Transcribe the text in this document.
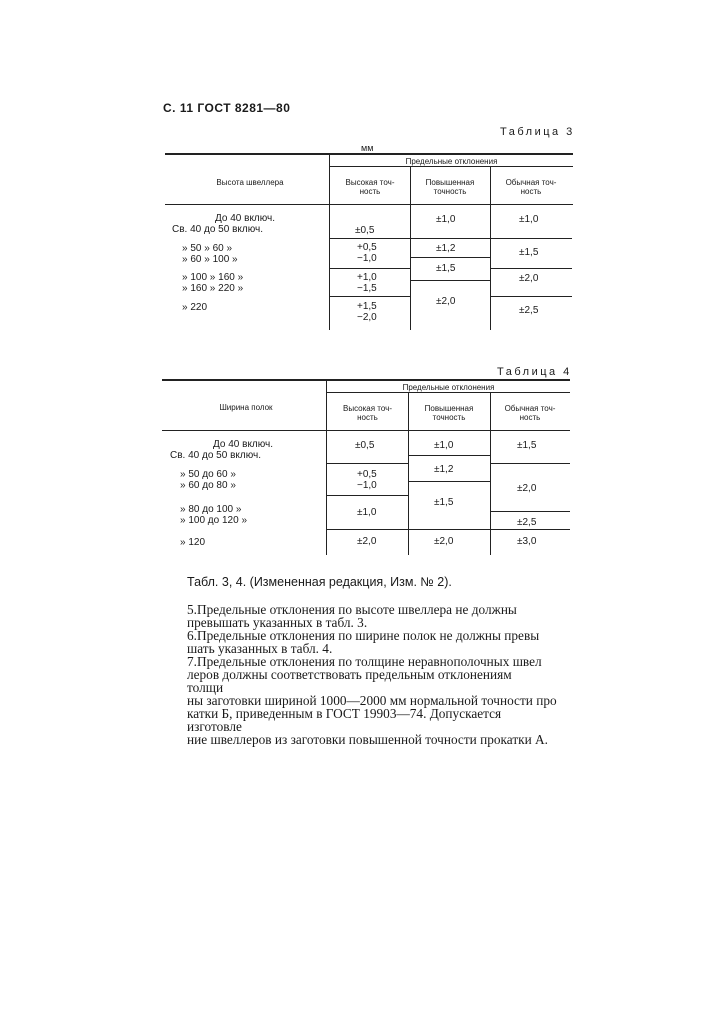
С. 11 ГОСТ 8281—80
Таблица 3
мм
Предельные отклонения
Высота швеллера	Высокая точ-
ность
Повышенная
точность
Обычная точ-
ность
До 40 включ.
Св. 40 до 50 включ.
» 50 » 60 »
» 60 » 100 »
» 100 » 160 »
» 160 » 220 »
» 220
±0,5
+0,5
−1,0
+1,0
−1,5
+1,5
−2,0
±1,0
±1,2
±1,5
±2,0
±1,0
±1,5
±2,0
±2,5
Таблица 4
Предельные отклонения
Ширина полок	Высокая точ-
ность
Повышенная
точность
Обычная точ-
ность
До 40 включ.
Св. 40 до 50 включ.
» 50 до 60 »
» 60 до 80 »
» 80 до 100 »
» 100 до 120 »
» 120
±0,5
+0,5
−1,0
±1,0
±2,0
±1,0
±1,2
±1,5
±2,0
±1,5
±2,0
±2,5
±3,0
Табл. 3, 4. (Измененная редакция, Изм. № 2).
5.Предельные отклонения по высоте швеллера не должны
превышать указанных в табл. 3.
6.Предельные отклонения по ширине полок не должны превы
шать указанных в табл. 4.
7.Предельные отклонения по толщине неравнополочных швел
леров должны соответствовать предельным отклонениям
толщи
ны заготовки шириной 1000—2000 мм нормальной точности про
катки Б, приведенным в ГОСТ 19903—74. Допускается
изготовле
ние швеллеров из заготовки повышенной точности прокатки А.
